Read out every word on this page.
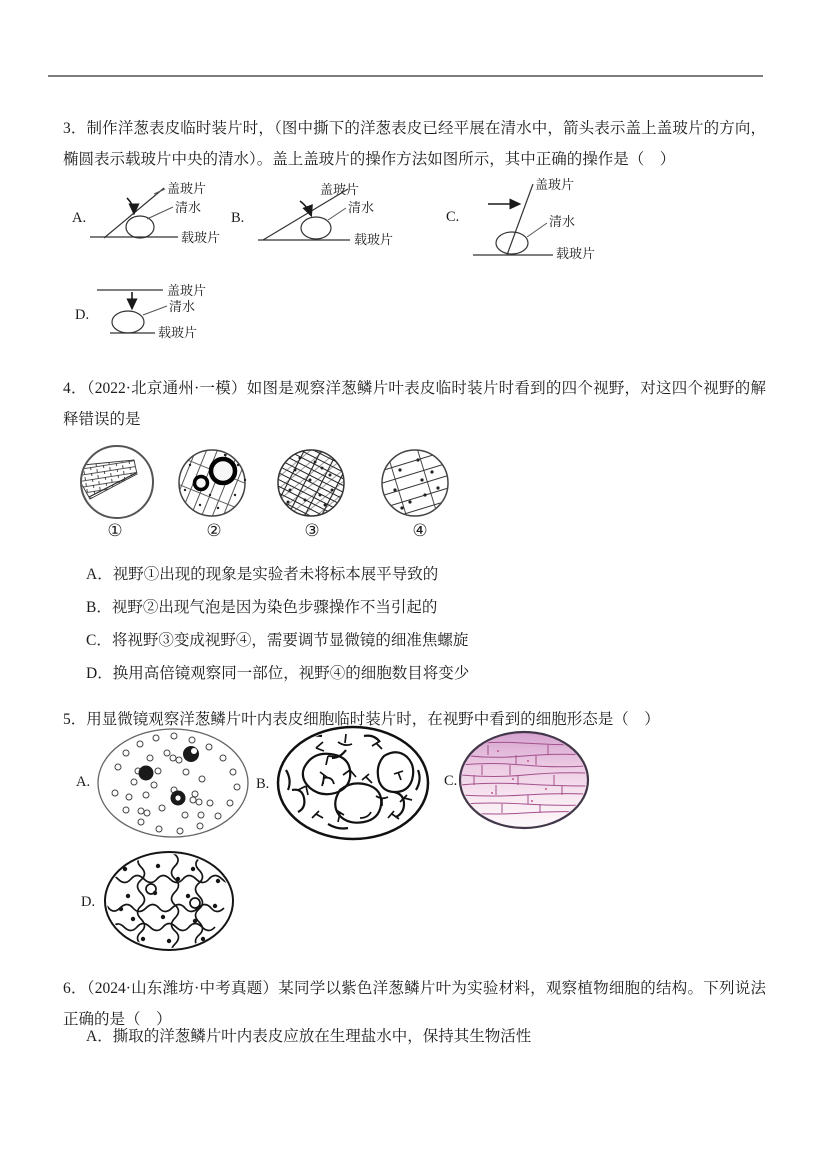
3．制作洋葱表皮临时装片时，（图中撕下的洋葱表皮已经平展在清水中，箭头表示盖上盖玻片的方向，椭圆表示载玻片中央的清水）。盖上盖玻片的操作方法如图所示，其中正确的操作是（　）

A.
盖玻片
清水
载玻片
B.
盖玻片
清水
载玻片
C.
盖玻片
清水
载玻片
D.
盖玻片
清水
载玻片

4．（2022·北京通州·一模）如图是观察洋葱鳞片叶表皮临时装片时看到的四个视野，对这四个视野的解释错误的是

①	②	③	④
A．视野①出现的现象是实验者未将标本展平导致的
B．视野②出现气泡是因为染色步骤操作不当引起的
C．将视野③变成视野④，需要调节显微镜的细准焦螺旋
D．换用高倍镜观察同一部位，视野④的细胞数目将变少

5．用显微镜观察洋葱鳞片叶内表皮细胞临时装片时，在视野中看到的细胞形态是（　）

A.	B.	C.
D.

6．（2024·山东潍坊·中考真题）某同学以紫色洋葱鳞片叶为实验材料，观察植物细胞的结构。下列说法正确的是（　）

A．撕取的洋葱鳞片叶内表皮应放在生理盐水中，保持其生物活性
